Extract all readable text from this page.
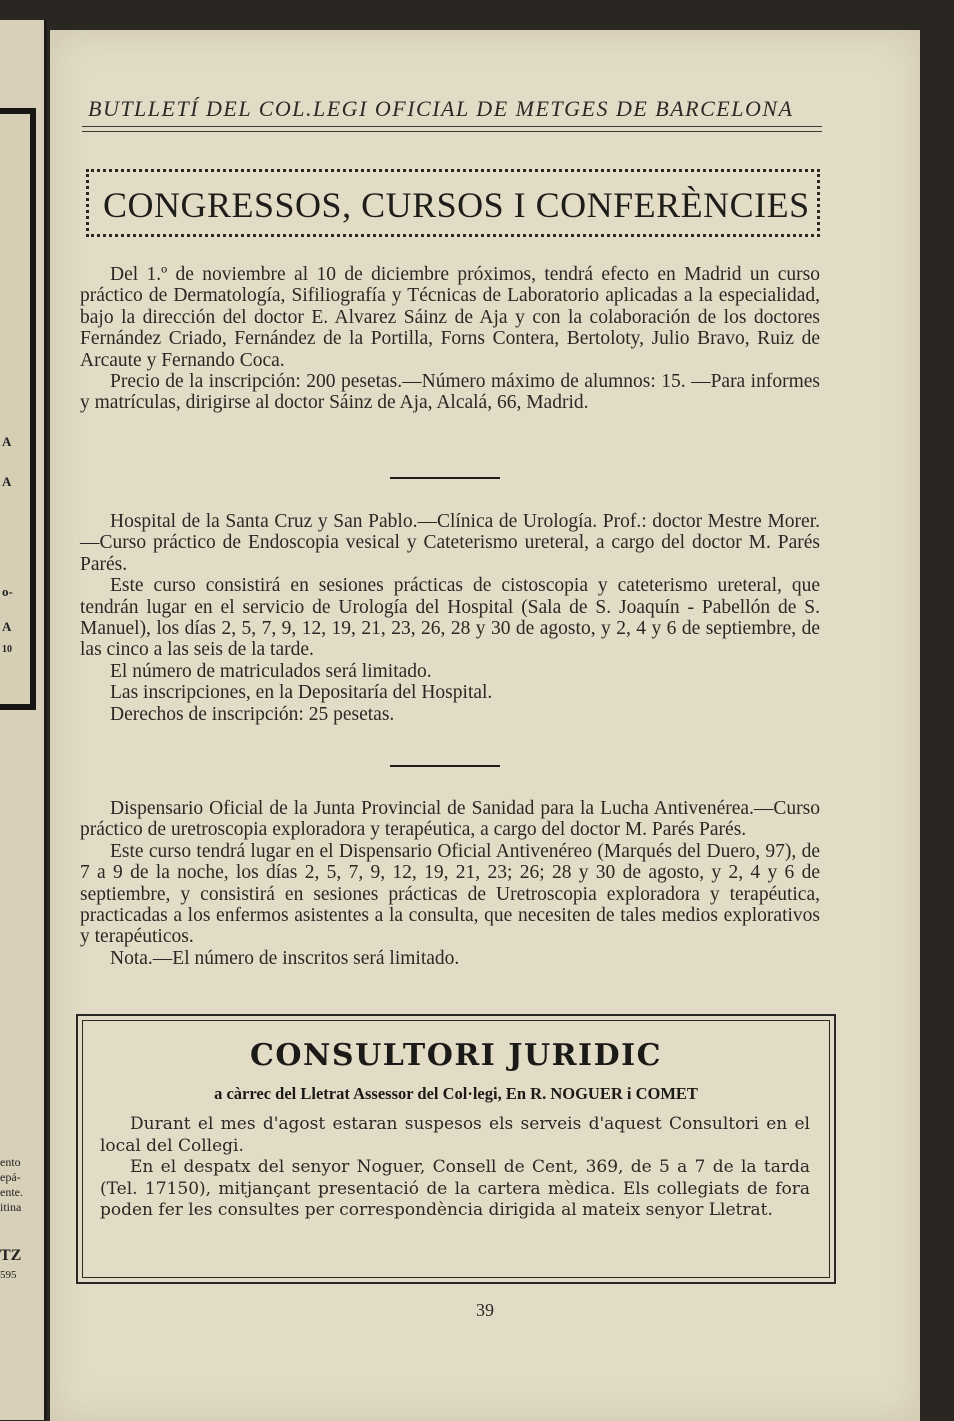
A
A
o-
A
10
ento
epá-
ente.
itina
TZ
595
BUTLLETÍ DEL COL.LEGI OFICIAL DE METGES DE BARCELONA
CONGRESSOS, CURSOS I CONFERÈNCIES

Del 1.º de noviembre al 10 de diciembre próximos, tendrá efecto en Madrid un curso práctico de Dermatología, Sifiliografía y Técnicas de Laboratorio aplicadas a la especialidad, bajo la dirección del doctor E. Alvarez Sáinz de Aja y con la colaboración de los doctores Fernández Criado, Fernández de la Portilla, Forns Contera, Bertoloty, Julio Bravo, Ruiz de Arcaute y Fernando Coca.

Precio de la inscripción: 200 pesetas.—Número máximo de alumnos: 15. —Para informes y matrículas, dirigirse al doctor Sáinz de Aja, Alcalá, 66, Madrid.

Hospital de la Santa Cruz y San Pablo.—Clínica de Urología. Prof.: doctor Mestre Morer.—Curso práctico de Endoscopia vesical y Cateterismo ureteral, a cargo del doctor M. Parés Parés.

Este curso consistirá en sesiones prácticas de cistoscopia y cateterismo ureteral, que tendrán lugar en el servicio de Urología del Hospital (Sala de S. Joaquín - Pabellón de S. Manuel), los días 2, 5, 7, 9, 12, 19, 21, 23, 26, 28 y 30 de agosto, y 2, 4 y 6 de septiembre, de las cinco a las seis de la tarde.

El número de matriculados será limitado.

Las inscripciones, en la Depositaría del Hospital.

Derechos de inscripción: 25 pesetas.

Dispensario Oficial de la Junta Provincial de Sanidad para la Lucha Antivenérea.—Curso práctico de uretroscopia exploradora y terapéutica, a cargo del doctor M. Parés Parés.

Este curso tendrá lugar en el Dispensario Oficial Antivenéreo (Marqués del Duero, 97), de 7 a 9 de la noche, los días 2, 5, 7, 9, 12, 19, 21, 23; 26; 28 y 30 de agosto, y 2, 4 y 6 de septiembre, y consistirá en sesiones prácticas de Uretroscopia exploradora y terapéutica, practicadas a los enfermos asistentes a la consulta, que necesiten de tales medios explorativos y terapéuticos.

Nota.—El número de inscritos será limitado.

CONSULTORI JURIDIC
a càrrec del Lletrat Assessor del Col·legi, En R. NOGUER i COMET

Durant el mes d'agost estaran suspesos els serveis d'aquest Consultori en el local del Collegi.

En el despatx del senyor Noguer, Consell de Cent, 369, de 5 a 7 de la tarda (Tel. 17150), mitjançant presentació de la cartera mèdica. Els collegiats de fora poden fer les consultes per correspondència dirigida al mateix senyor Lletrat.

39
